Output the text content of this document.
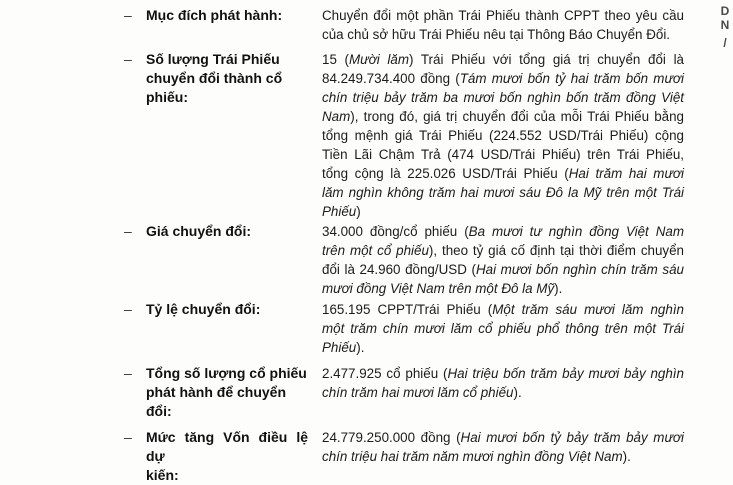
– Mục đích phát hành:	Chuyển đổi một phần Trái Phiếu thành CPPT theo yêu cầu

của chủ sở hữu Trái Phiếu nêu tại Thông Báo Chuyển Đổi.

– Số lượng Trái Phiếu

chuyển đổi thành cổ

phiếu:

15 (Mười lăm) Trái Phiếu với tổng giá trị chuyển đổi là

84.249.734.400 đồng (Tám mươi bốn tỷ hai trăm bốn mươi

chín triệu bảy trăm ba mươi bốn nghìn bốn trăm đồng Việt

Nam), trong đó, giá trị chuyển đổi của mỗi Trái Phiếu bằng

tổng mệnh giá Trái Phiếu (224.552 USD/Trái Phiếu) cộng

Tiền Lãi Chậm Trả (474 USD/Trái Phiếu) trên Trái Phiếu,

tổng cộng là 225.026 USD/Trái Phiếu (Hai trăm hai mươi

lăm nghìn không trăm hai mươi sáu Đô la Mỹ trên một Trái

Phiếu)

– Giá chuyển đổi:	34.000 đồng/cổ phiếu (Ba mươi tư nghìn đồng Việt Nam

trên một cổ phiếu), theo tỷ giá cố định tại thời điểm chuyển

đổi là 24.960 đồng/USD (Hai mươi bốn nghìn chín trăm sáu

mươi đồng Việt Nam trên một Đô la Mỹ).

– Tỷ lệ chuyển đổi:	165.195 CPPT/Trái Phiếu (Một trăm sáu mươi lăm nghìn

một trăm chín mươi lăm cổ phiếu phổ thông trên một Trái

Phiếu).

– Tổng số lượng cổ phiếu

phát hành để chuyển

đổi:

2.477.925 cổ phiếu (Hai triệu bốn trăm bảy mươi bảy nghìn

chín trăm hai mươi lăm cổ phiếu).

– Mức tăng Vốn điều lệ dự

kiến:

24.779.250.000 đồng (Hai mươi bốn tỷ bảy trăm bảy mươi

chín triệu hai trăm năm mươi nghìn đồng Việt Nam).

D
N
/
